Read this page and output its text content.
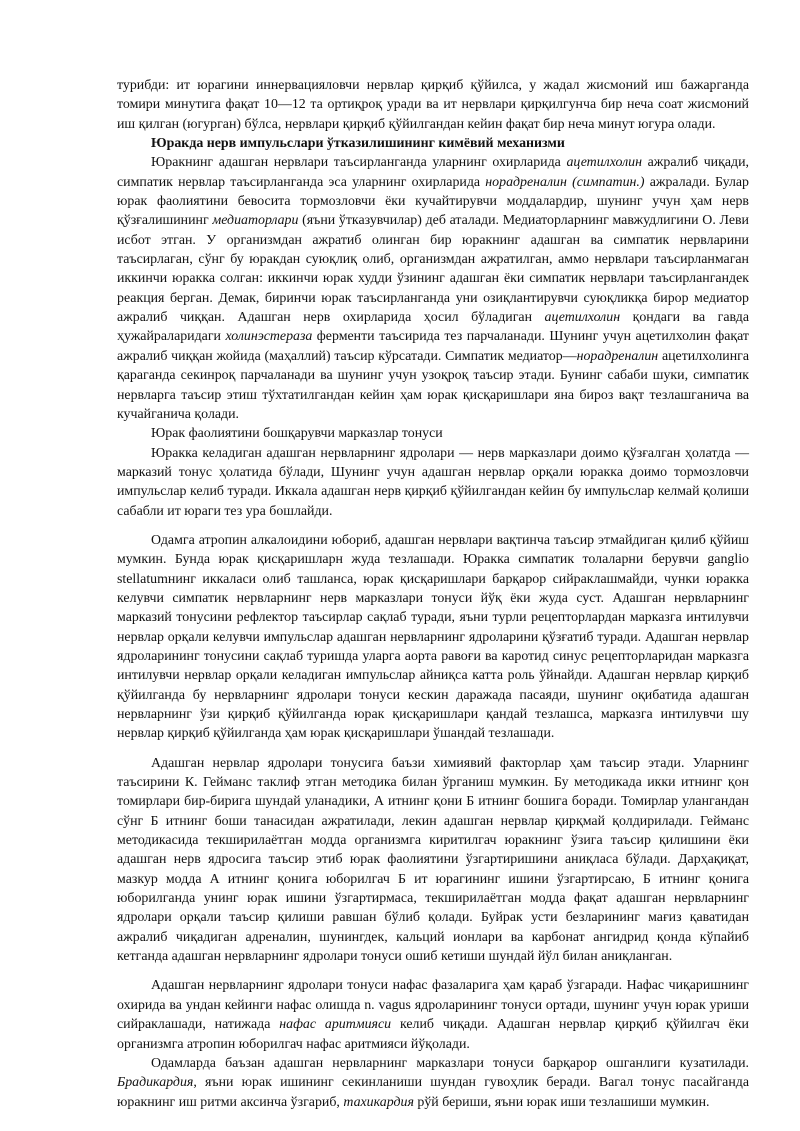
турибди: ит юрагини иннервацияловчи нервлар қирқиб қўйилса, у жадал жисмоний иш бажарганда томири минутига фақат 10—12 та ортиқроқ уради ва ит нервлари қирқилгунча бир неча соат жисмоний иш қилган (югурган) бўлса, нервлари қирқиб қўйилгандан кейин фақат бир неча минут югура олади.

Юракда нерв импульслари ўтказилишининг кимёвий механизми

Юракнинг адашган нервлари таъсирланганда уларнинг охирларида ацетилхолин ажралиб чиқади, симпатик нервлар таъсирланганда эса уларнинг охирларида норадреналин (симпатин.) ажралади. Булар юрак фаолиятини бевосита тормозловчи ёки кучайтирувчи моддалардир, шунинг учун ҳам нерв қўзғалишининг медиаторлари (яъни ўтказувчилар) деб аталади. Медиаторларнинг мавжудлигини О. Леви исбот этган. У организмдан ажратиб олинган бир юракнинг адашган ва симпатик нервларини таъсирлаган, сўнг бу юракдан суюқлиқ олиб, организмдан ажратилган, аммо нервлари таъсирланмаган иккинчи юракка солган: иккинчи юрак худди ўзининг адашган ёки симпатик нервлари таъсирлангандек реакция берган. Демак, биринчи юрак таъсирланганда уни озиқлантирувчи суюқликқа бирор медиатор ажралиб чиққан. Адашган нерв охирларида ҳосил бўладиган ацетилхолин қондаги ва гавда ҳужайраларидаги холинэстераза ферменти таъсирида тез парчаланади. Шунинг учун ацетилхолин фақат ажралиб чиққан жойида (маҳаллий) таъсир кўрсатади. Симпатик медиатор—норадреналин ацетилхолинга қараганда секинроқ парчаланади ва шунинг учун узоқроқ таъсир этади. Бунинг сабаби шуки, симпатик нервларга таъсир этиш тўхтатилгандан кейин ҳам юрак қисқаришлари яна бироз вақт тезлашганича ва кучайганича қолади.

Юрак фаолиятини бошқарувчи марказлар тонуси

Юракка келадиган адашган нервларнинг ядролари — нерв марказлари доимо қўзғалган ҳолатда — марказий тонус ҳолатида бўлади, Шунинг учун адашган нервлар орқали юракка доимо тормозловчи импульслар келиб туради. Иккала адашган нерв қирқиб қўйилгандан кейин бу импульслар келмай қолиши сабабли ит юраги тез ура бошлайди.

Одамга атропин алкалоидини юбориб, адашган нервлари вақтинча таъсир этмайдиган қилиб қўйиш мумкин. Бунда юрак қисқаришларн жуда тезлашади. Юракка симпатик толаларни берувчи ganglio stellatumнинг иккаласи олиб ташланса, юрак қисқаришлари барқарор сийраклашмайди, чунки юракка келувчи симпатик нервларнинг нерв марказлари тонуси йўқ ёки жуда суст. Адашган нервларнинг марказий тонусини рефлектор таъсирлар сақлаб туради, яъни турли рецепторлардан марказга интилувчи нервлар орқали келувчи импульслар адашган нервларнинг ядроларини қўзғатиб туради. Адашган нервлар ядроларининг тонусини сақлаб туришда уларга аорта равоғи ва каротид синус рецепторларидан марказга интилувчи нервлар орқали келадиган импульслар айниқса катта роль ўйнайди. Адашган нервлар қирқиб қўйилганда бу нервларнинг ядролари тонуси кескин даражада пасаяди, шунинг оқибатида адашган нервларнинг ўзи қирқиб қўйилганда юрак қисқаришлари қандай тезлашса, марказга интилувчи шу нервлар қирқиб қўйилганда ҳам юрак қисқаришлари ўшандай тезлашади.

Адашган нервлар ядролари тонусига баъзи химиявий факторлар ҳам таъсир этади. Уларнинг таъсирини К. Гейманс таклиф этган методика билан ўрганиш мумкин. Бу методикада икки итнинг қон томирлари бир-бирига шундай уланадики, А итнинг қони Б итнинг бошига боради. Томирлар улангандан сўнг Б итнинг боши танасидан ажратилади, лекин адашган нервлар қирқмай қолдирилади. Гейманс методикасида текширилаётган модда организмга киритилгач юракнинг ўзига таъсир қилишини ёки адашган нерв ядросига таъсир этиб юрак фаолиятини ўзгартиришини аниқласа бўлади. Дарҳақиқат, мазкур модда А итнинг қонига юборилгач Б ит юрагининг ишини ўзгартирсаю, Б итнинг қонига юборилганда унинг юрак ишини ўзгартирмаса, текширилаётган модда фақат адашган нервларнинг ядролари орқали таъсир қилиши равшан бўлиб қолади. Буйрак усти безларининг мағиз қаватидан ажралиб чиқадиган адреналин, шунингдек, кальций ионлари ва карбонат ангидрид қонда кўпайиб кетганда адашган нервларнинг ядролари тонуси ошиб кетиши шундай йўл билан аниқланган.

Адашган нервларнинг ядролари тонуси нафас фазаларига ҳам қараб ўзгаради. Нафас чиқаришнинг охирида ва ундан кейинги нафас олишда n. vagus ядроларининг тонуси ортади, шунинг учун юрак уриши сийраклашади, натижада нафас аритмияси келиб чиқади. Адашган нервлар қирқиб қўйилгач ёки организмга атропин юборилгач нафас аритмияси йўқолади.

Одамларда баъзан адашган нервларнинг марказлари тонуси барқарор ошганлиги кузатилади. Брадикардия, яъни юрак ишининг секинланиши шундан гувоҳлик беради. Вагал тонус пасайганда юракнинг иш ритми аксинча ўзгариб, тахикардия рўй бериши, яъни юрак иши тезлашиши мумкин.
